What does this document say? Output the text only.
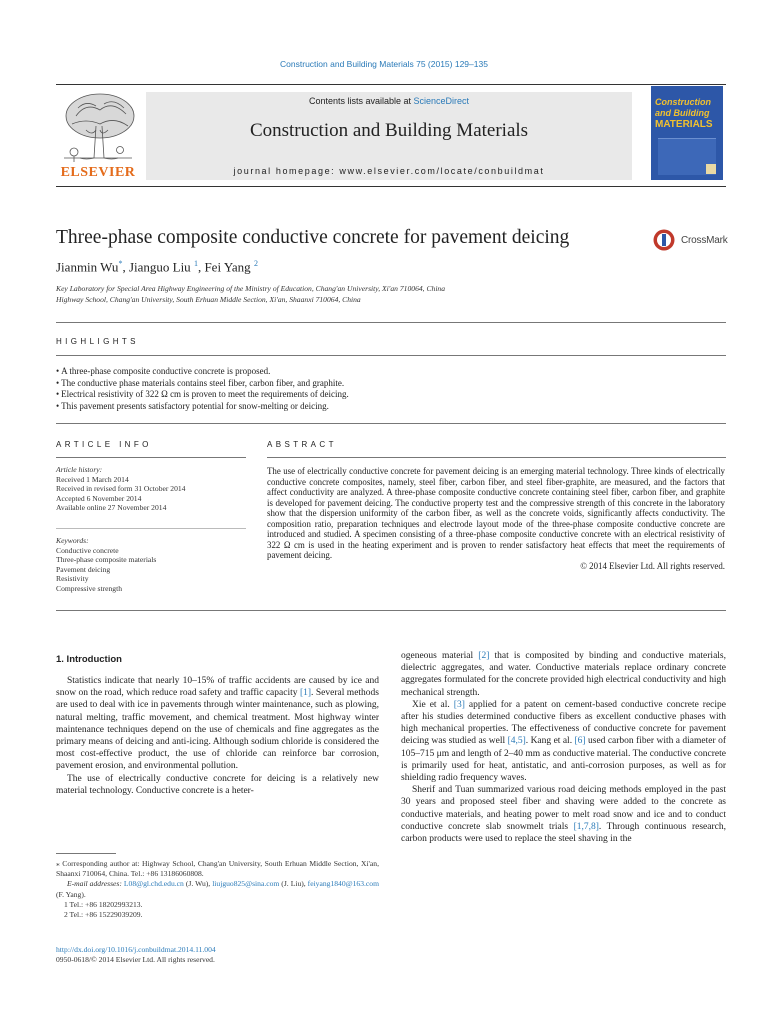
Construction and Building Materials 75 (2015) 129–135
ELSEVIER
Contents lists available at ScienceDirect
Construction and Building Materials
journal homepage: www.elsevier.com/locate/conbuildmat
Construction
and Building
MATERIALS
Three-phase composite conductive concrete for pavement deicing	CrossMark
Jianmin Wu*, Jianguo Liu $^1$, Fei Yang $^2$
Key Laboratory for Special Area Highway Engineering of the Ministry of Education, Chang'an University, Xi'an 710064, China
Highway School, Chang'an University, South Erhuan Middle Section, Xi'an, Shaanxi 710064, China
HIGHLIGHTS
• A three-phase composite conductive concrete is proposed.
• The conductive phase materials contains steel fiber, carbon fiber, and graphite.
• Electrical resistivity of 322 Ω cm is proven to meet the requirements of deicing.
• This pavement presents satisfactory potential for snow-melting or deicing.
ARTICLE INFO
Article history:
Received 1 March 2014
Received in revised form 31 October 2014
Accepted 6 November 2014
Available online 27 November 2014
Keywords:
Conductive concrete
Three-phase composite materials
Pavement deicing
Resistivity
Compressive strength
ABSTRACT
The use of electrically conductive concrete for pavement deicing is an emerging material technology. Three kinds of electrically conductive concrete composites, namely, steel fiber, carbon fiber, and steel fiber-graphite, are measured, and the factors that affect conductivity are analyzed. A three-phase composite conductive concrete containing steel fiber, carbon fiber, and graphite is developed for pavement deicing. The conductive property test and the compressive strength of this concrete in the laboratory show that the dispersion uniformity of the carbon fiber, as well as the concrete voids, significantly affects conductivity. The composition ratio, preparation techniques and electrode layout mode of the three-phase composite conductive concrete are introduced and studied. A specimen consisting of a three-phase composite conductive concrete with an electrical resistivity of 322 Ω cm is used in the heating experiment and is proven to render satisfactory heat effects that meet the requirements of pavement deicing.
© 2014 Elsevier Ltd. All rights reserved.
1. Introduction

Statistics indicate that nearly 10–15% of traffic accidents are caused by ice and snow on the road, which reduce road safety and traffic capacity [1]. Several methods are used to deal with ice in pavements through winter maintenance, such as plowing, natural melting, traffic movement, and chemical treatment. Most highway winter maintenance techniques depend on the use of chemicals and fine aggregates as the primary means of deicing and anti-icing. Although sodium chloride is considered the most cost-effective product, the use of chloride can reinforce bar corrosion, pavement erosion, and environmental pollution.

The use of electrically conductive concrete for deicing is a relatively new material technology. Conductive concrete is a heter-

ogeneous material [2] that is composited by binding and conductive materials, dielectric aggregates, and water. Conductive materials replace ordinary concrete aggregates formulated for the concrete provided high electrical conductivity and high mechanical strength.

Xie et al. [3] applied for a patent on cement-based conductive concrete recipe after his studies determined conductive fibers as excellent conductive phases with high mechanical properties. The effectiveness of conductive concrete for pavement deicing was studied as well [4,5]. Kang et al. [6] used carbon fiber with a diameter of 105–715 μm and length of 2–40 mm as conductive material. The conductive concrete is primarily used for heat, antistatic, and anti-corrosion purposes, as well as for shielding radio frequency waves.

Sherif and Tuan summarized various road deicing methods employed in the past 30 years and proposed steel fiber and shaving were added to the concrete as conductive materials, and heating power to melt road snow and ice and to conduct conductive concrete slab snowmelt trials [1,7,8]. Through continuous research, carbon products were used to replace the steel shaving in the

⁎ Corresponding author at: Highway School, Chang'an University, South Erhuan Middle Section, Xi'an, Shaanxi 710064, China. Tel.: +86 13186060808.
E-mail addresses: L08@gl.chd.edu.cn (J. Wu), liujguo825@sina.com (J. Liu), feiyang1840@163.com (F. Yang).
1 Tel.: +86 18202993213.
2 Tel.: +86 15229039209.
http://dx.doi.org/10.1016/j.conbuildmat.2014.11.004
0950-0618/© 2014 Elsevier Ltd. All rights reserved.
